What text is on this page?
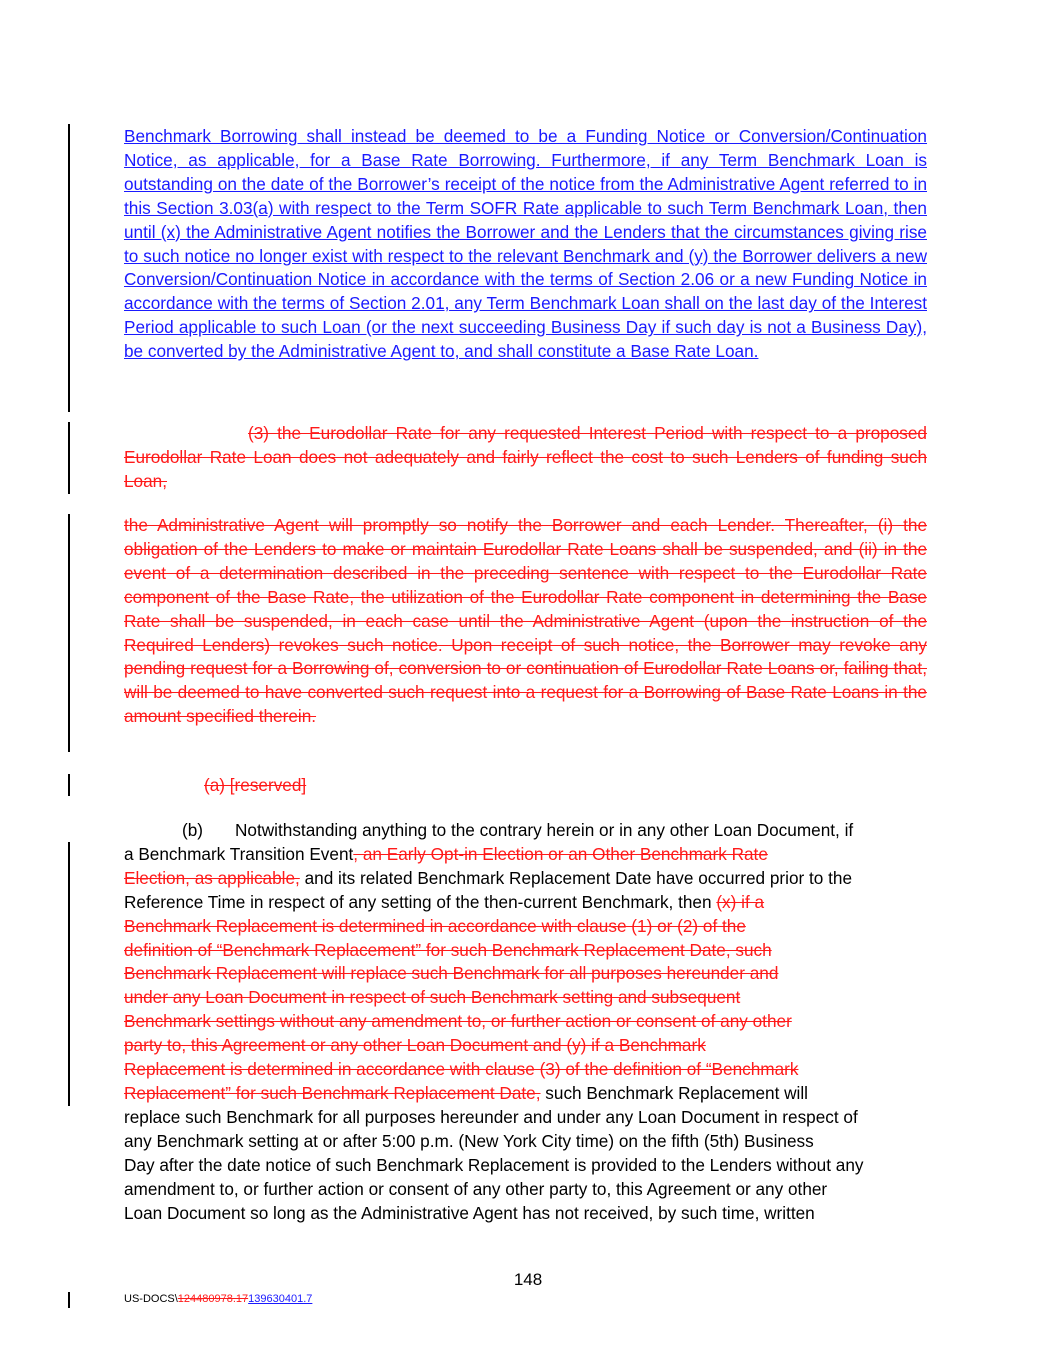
Benchmark Borrowing shall instead be deemed to be a Funding Notice or Conversion/Continuation Notice, as applicable, for a Base Rate Borrowing. Furthermore, if any Term Benchmark Loan is outstanding on the date of the Borrower’s receipt of the notice from the Administrative Agent referred to in this Section 3.03(a) with respect to the Term SOFR Rate applicable to such Term Benchmark Loan, then until (x) the Administrative Agent notifies the Borrower and the Lenders that the circumstances giving rise to such notice no longer exist with respect to the relevant Benchmark and (y) the Borrower delivers a new Conversion/Continuation Notice in accordance with the terms of Section 2.06 or a new Funding Notice in accordance with the terms of Section 2.01, any Term Benchmark Loan shall on the last day of the Interest Period applicable to such Loan (or the next succeeding Business Day if such day is not a Business Day), be converted by the Administrative Agent to, and shall constitute a Base Rate Loan.

(3) the Eurodollar Rate for any requested Interest Period with respect to a proposed Eurodollar Rate Loan does not adequately and fairly reflect the cost to such Lenders of funding such Loan,

the Administrative Agent will promptly so notify the Borrower and each Lender. Thereafter, (i) the obligation of the Lenders to make or maintain Eurodollar Rate Loans shall be suspended, and (ii) in the event of a determination described in the preceding sentence with respect to the Eurodollar Rate component of the Base Rate, the utilization of the Eurodollar Rate component in determining the Base Rate shall be suspended, in each case until the Administrative Agent (upon the instruction of the Required Lenders) revokes such notice. Upon receipt of such notice, the Borrower may revoke any pending request for a Borrowing of, conversion to or continuation of Eurodollar Rate Loans or, failing that, will be deemed to have converted such request into a request for a Borrowing of Base Rate Loans in the amount specified therein.

(a) [reserved]

(b) Notwithstanding anything to the contrary herein or in any other Loan Document, if
a Benchmark Transition Event, an Early Opt-in Election or an Other Benchmark Rate
Election, as applicable, and its related Benchmark Replacement Date have occurred prior to the
Reference Time in respect of any setting of the then-current Benchmark, then (x) if a
Benchmark Replacement is determined in accordance with clause (1) or (2) of the
definition of “Benchmark Replacement” for such Benchmark Replacement Date, such
Benchmark Replacement will replace such Benchmark for all purposes hereunder and
under any Loan Document in respect of such Benchmark setting and subsequent
Benchmark settings without any amendment to, or further action or consent of any other
party to, this Agreement or any other Loan Document and (y) if a Benchmark
Replacement is determined in accordance with clause (3) of the definition of “Benchmark
Replacement” for such Benchmark Replacement Date, such Benchmark Replacement will
replace such Benchmark for all purposes hereunder and under any Loan Document in respect of
any Benchmark setting at or after 5:00 p.m. (New York City time) on the fifth (5th) Business
Day after the date notice of such Benchmark Replacement is provided to the Lenders without any
amendment to, or further action or consent of any other party to, this Agreement or any other
Loan Document so long as the Administrative Agent has not received, by such time, written
148
US-DOCS\124480978.17139630401.7
